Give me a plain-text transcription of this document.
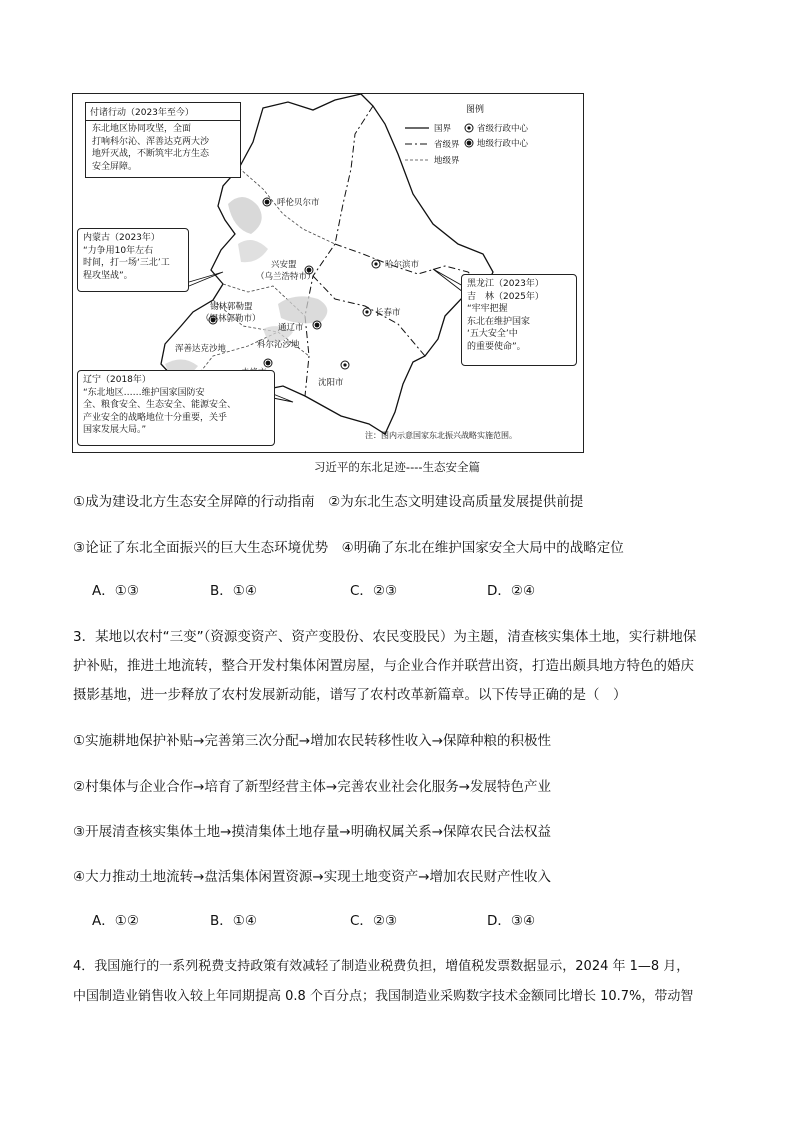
图例
国界
省级界
地级界
省级行政中心
地级行政中心
呼伦贝尔市
兴安盟
（乌兰浩特市）
哈尔滨市
锡林郭勒盟
（锡林郭勒市）
长春市
通辽市
浑善达克沙地	科尔沁沙地
沈阳市
注：图内示意国家东北振兴战略实施范围。
付诸行动（2023年至今）
东北地区协同攻坚，全面
打响科尔沁、浑善达克两大沙
地歼灭战，不断筑牢北方生态
安全屏障。
内蒙古（2023年）
“力争用10年左右
时间，打一场‘三北’工
程攻坚战”。
黑龙江（2023年）
吉　林（2025年）
“牢牢把握
东北在维护国家
‘五大安全’中
的重要使命”。
辽宁（2018年）
“东北地区……维护国家国防安
全、粮食安全、生态安全、能源安全、
产业安全的战略地位十分重要，关乎
国家发展大局。”
习近平的东北足迹----生态安全篇
①成为建设北方生态安全屏障的行动指南　②为东北生态文明建设高质量发展提供前提
③论证了东北全面振兴的巨大生态环境优势　④明确了东北在维护国家安全大局中的战略定位
A．①③	B．①④	C．②③	D．②④
3．某地以农村“三变”（资源变资产、资产变股份、农民变股民）为主题，清查核实集体土地，实行耕地保
护补贴，推进土地流转，整合开发村集体闲置房屋，与企业合作并联营出资，打造出颇具地方特色的婚庆
摄影基地，进一步释放了农村发展新动能，谱写了农村改革新篇章。以下传导正确的是（　）
①实施耕地保护补贴→完善第三次分配→增加农民转移性收入→保障种粮的积极性
②村集体与企业合作→培育了新型经营主体→完善农业社会化服务→发展特色产业
③开展清查核实集体土地→摸清集体土地存量→明确权属关系→保障农民合法权益
④大力推动土地流转→盘活集体闲置资源→实现土地变资产→增加农民财产性收入
A．①②	B．①④	C．②③	D．③④
4．我国施行的一系列税费支持政策有效减轻了制造业税费负担，增值税发票数据显示，2024 年 1—8 月，
中国制造业销售收入较上年同期提高 0.8 个百分点；我国制造业采购数字技术金额同比增长 10.7%，带动智
